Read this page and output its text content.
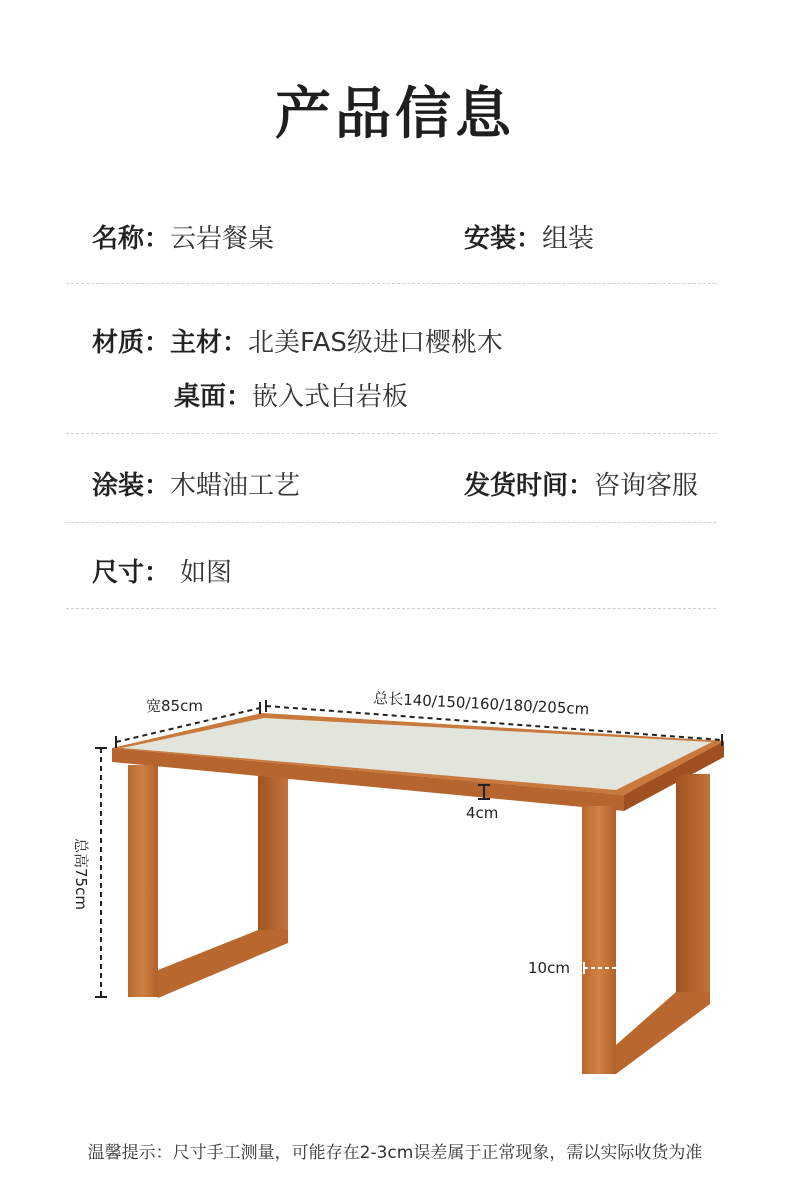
产品信息
名称：云岩餐桌	安装：组装
材质：主材：北美FAS级进口樱桃木
桌面：嵌入式白岩板
涂装：木蜡油工艺	发货时间：咨询客服
尺寸： 如图
宽85cm	总长140/150/160/180/205cm
总高75cm
4cm
10cm
温馨提示：尺寸手工测量，可能存在2-3cm误差属于正常现象，需以实际收货为准
